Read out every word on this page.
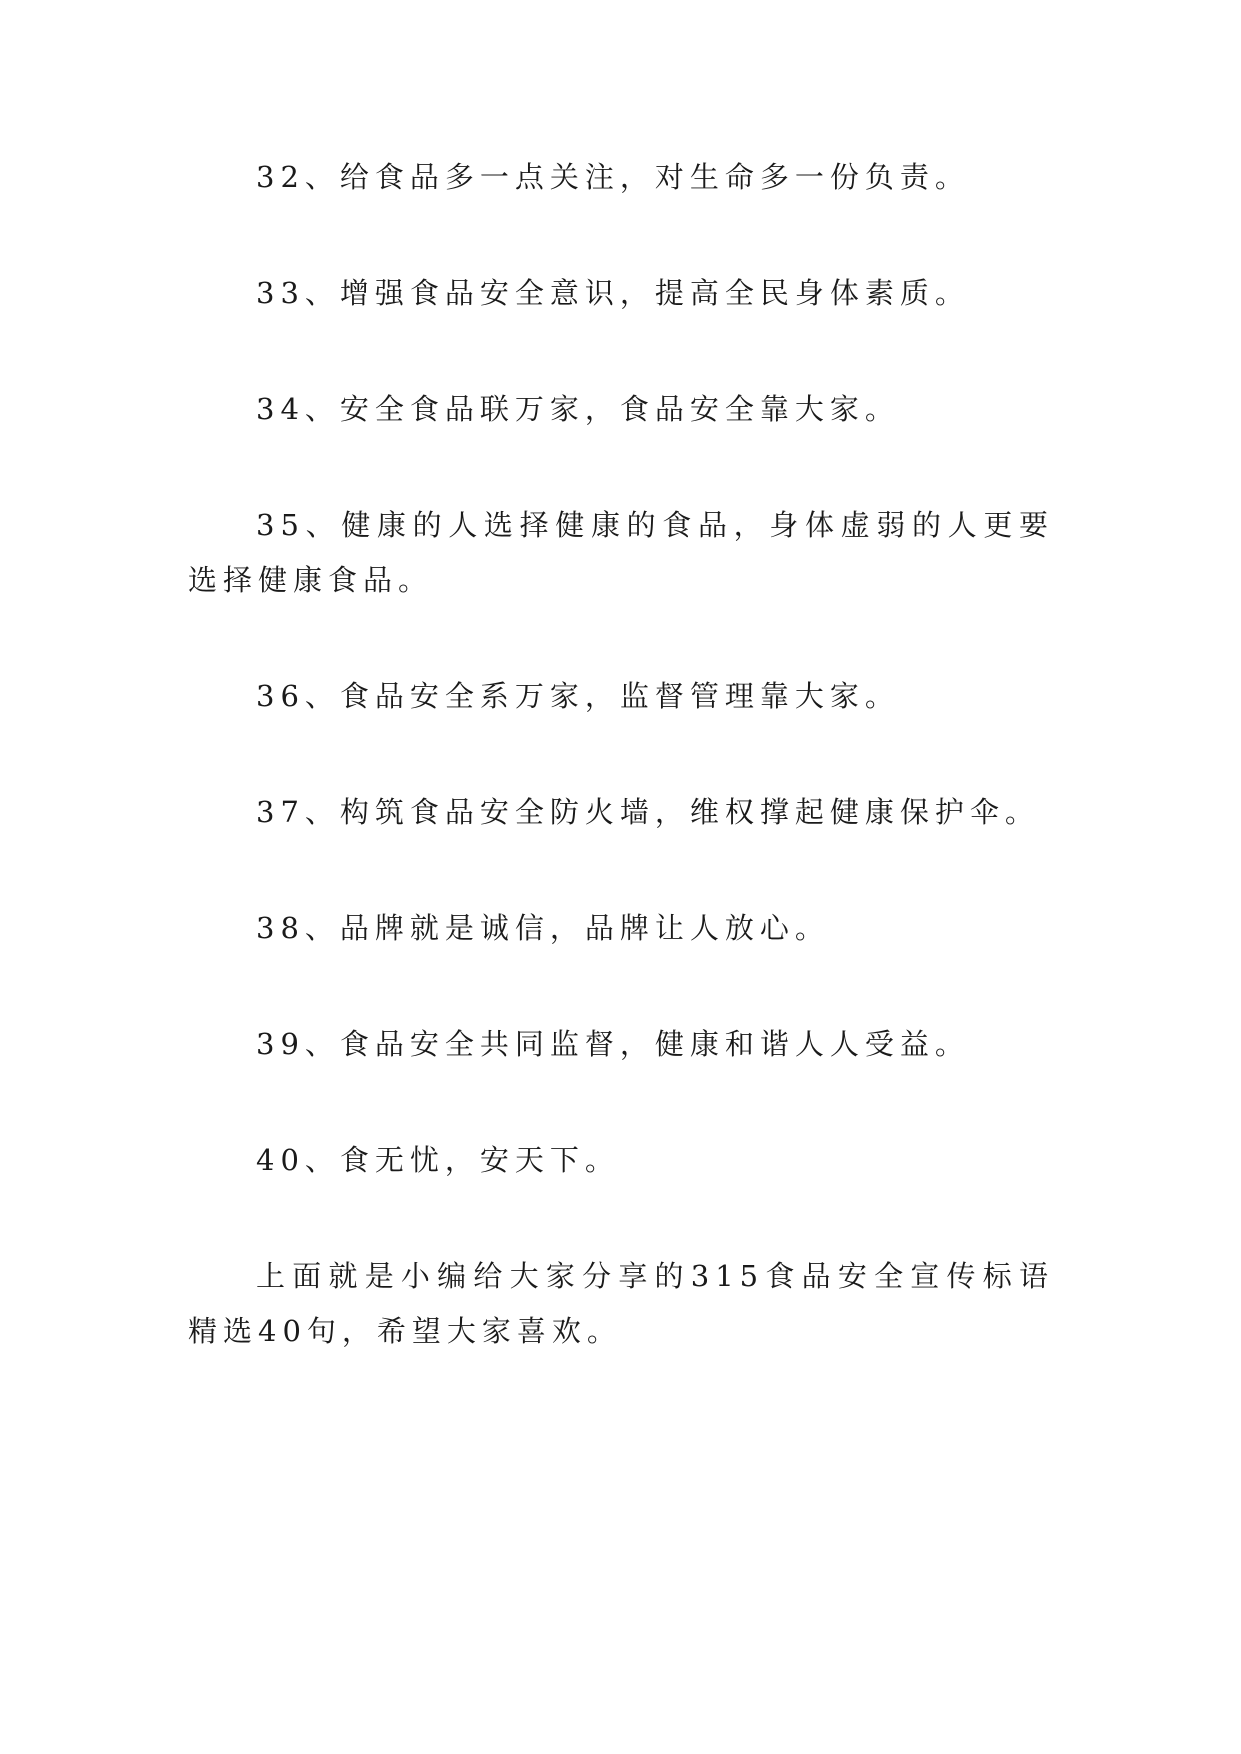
32、给食品多一点关注，对生命多一份负责。

33、增强食品安全意识，提高全民身体素质。

34、安全食品联万家，食品安全靠大家。

35、健康的人选择健康的食品，身体虚弱的人更要选择健康食品。

36、食品安全系万家，监督管理靠大家。

37、构筑食品安全防火墙，维权撑起健康保护伞。

38、品牌就是诚信，品牌让人放心。

39、食品安全共同监督，健康和谐人人受益。

40、食无忧，安天下。

上面就是小编给大家分享的315食品安全宣传标语精选40句，希望大家喜欢。
